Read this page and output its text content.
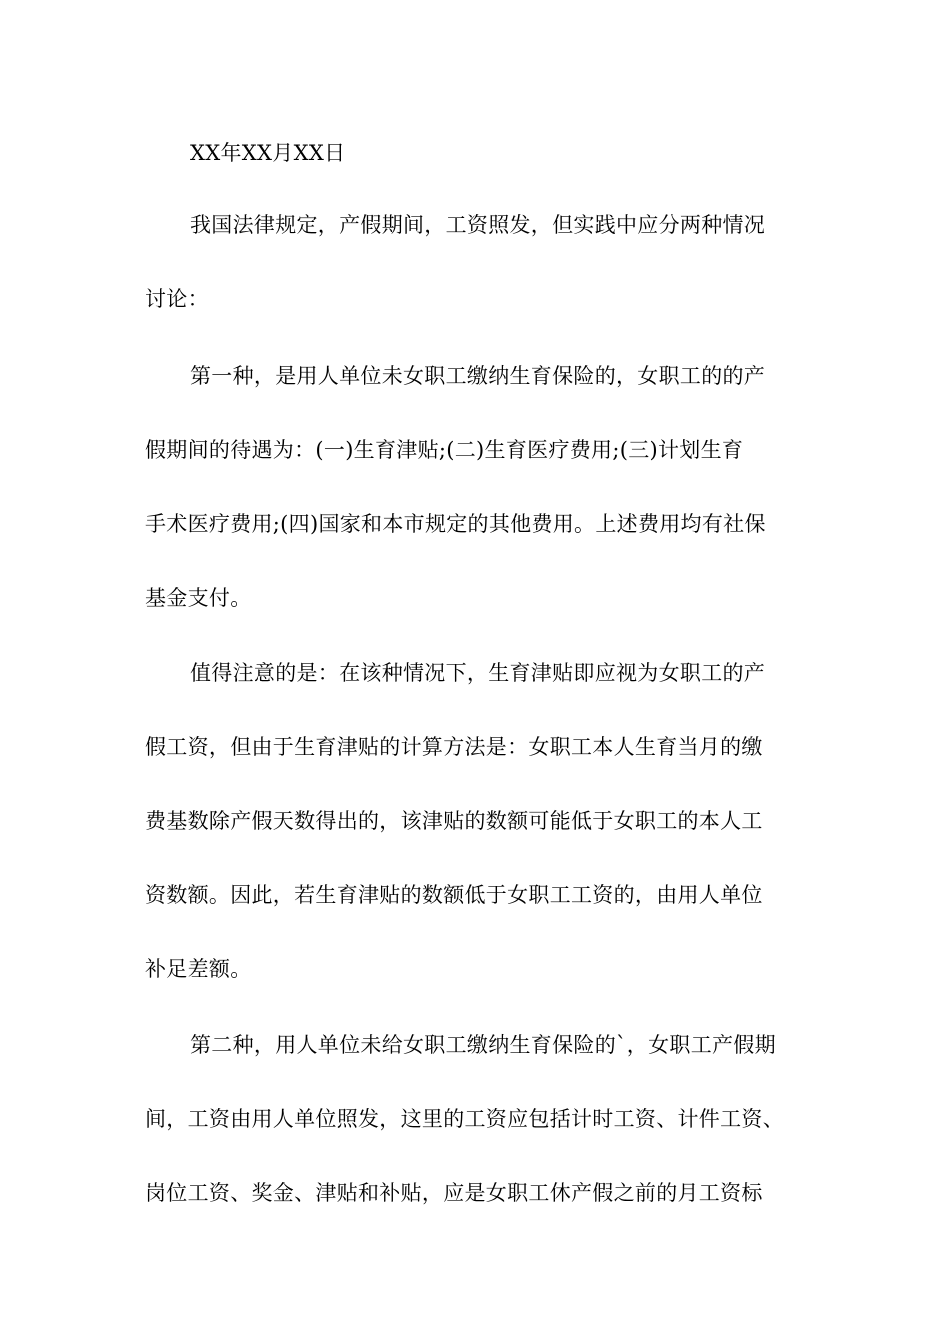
XX年XX月XX日
我国法律规定，产假期间，工资照发，但实践中应分两种情况
讨论：
第一种，是用人单位未女职工缴纳生育保险的，女职工的的产
假期间的待遇为：(一)生育津贴;(二)生育医疗费用;(三)计划生育
手术医疗费用;(四)国家和本市规定的其他费用。上述费用均有社保
基金支付。
值得注意的是：在该种情况下，生育津贴即应视为女职工的产
假工资，但由于生育津贴的计算方法是：女职工本人生育当月的缴
费基数除产假天数得出的，该津贴的数额可能低于女职工的本人工
资数额。因此，若生育津贴的数额低于女职工工资的，由用人单位
补足差额。
第二种，用人单位未给女职工缴纳生育保险的`，女职工产假期
间，工资由用人单位照发，这里的工资应包括计时工资、计件工资、
岗位工资、奖金、津贴和补贴，应是女职工休产假之前的月工资标
